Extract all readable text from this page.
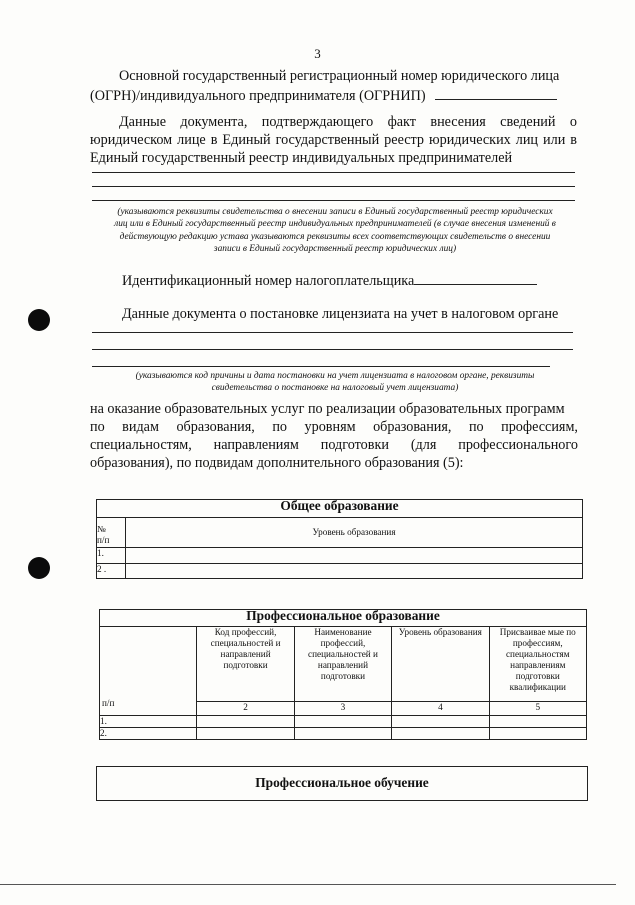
3
Основной государственный регистрационный номер юридического лица
(ОГРН)/индивидуального предпринимателя (ОГРНИП)
Данные документа, подтверждающего факт внесения сведений о
юридическом лице в Единый государственный реестр юридических лиц или в
Единый государственный реестр индивидуальных предпринимателей
(указываются реквизиты свидетельства о внесении записи в Единый государственный реестр юридических
лиц или в Единый государственный реестр индивидуальных предпринимателей (в случае внесения изменений в
действующую редакцию устава указываются реквизиты всех соответствующих свидетельств о внесении
записи в Единый государственный реестр юридических лиц)
Идентификационный номер налогоплательщика
Данные документа о постановке лицензиата на учет в налоговом органе
(указываются код причины и дата постановки на учет лицензиата в налоговом органе, реквизиты
свидетельства о постановке на налоговый учет лицензиата)
на оказание образовательных услуг по реализации образовательных программ
по видам образования, по уровням образования, по профессиям,
специальностям, направлениям подготовки (для профессионального
образования), по подвидам дополнительного образования (5):
Общее образование	

№
п/п	Уровень образования
1.	
2 .	
Профессиональное образование				

п/п	Код профессий, специальностей и направлений подготовки	Наименование профессий, специальностей и направлений подготовки	Уровень образования	Присваивае мые по профессиям, специальностям направлениям подготовки квалификации
	2	3	4	5
1.				
2.				
Профессиональное обучение
